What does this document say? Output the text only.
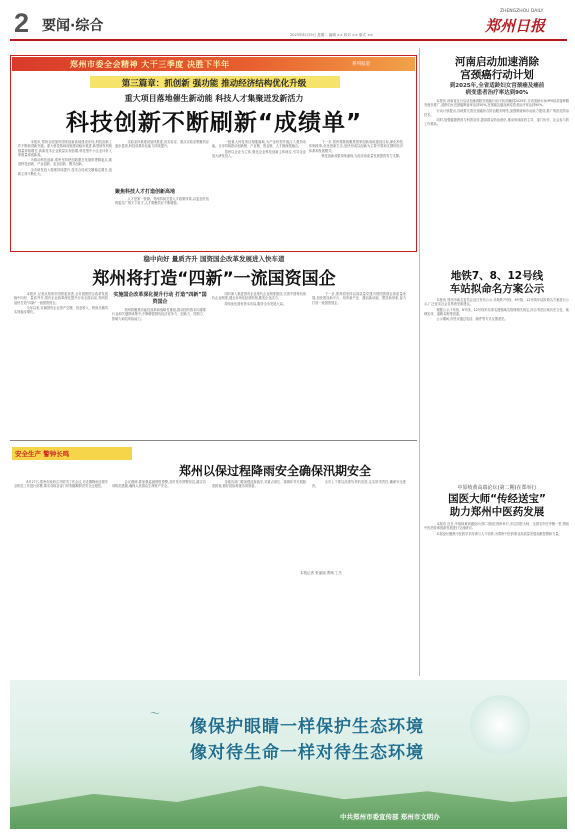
2 要闻·综合
ZHENGZHOU DAILY
郑州日报
2023年8月29日 星期二 编辑 ×× 校对 ×× 版式 ××
郑州市委全会精神 大干三季度 决胜下半年	系列报道
第三篇章：抓创新 强功能 推动经济结构优化升级
重大项目落地催生新动能 科技人才集聚迸发新活力
科技创新不断刷新“成绩单”

　　本报讯 郑州全面加快国家创新高地建设步伐,科技创新工作不断取得新突破。重大科技基础设施建设稳步推进,新型研发机构数量持续增长,高新技术企业数量实现倍增,科技型中小企业评价入库数量再创新高。

　　为推动科技创新,郑州坚持把创新摆在发展的逻辑起点,推进科技创新、产业创新、业态创新、模式创新。

　　全市研发投入强度持续提升,技术合同成交额稳定增长,创新主体不断壮大。

　　实验室体系建设加快推进,省实验室、重点实验室集聚效应逐步显现,科技成果转化能力持续提升。

聚焦科技人才打造创新高地

　　人才是第一资源。郑州持续完善人才政策体系,以更加开放的姿态广纳天下英才,人才集聚效应不断增强。

　　一批重大科技项目相继落地,为产业转型升级注入强劲动能。全市持续推动创新链、产业链、资金链、人才链深度融合。

　　郑州以企业为主体,强化企业科技创新主体地位,引导企业加大研发投入。

　　下一步,郑州将继续聚焦国家创新高地建设目标,深化科技体制改革,优化创新生态,加快形成以创新为主要引领和支撑的经济体系和发展模式。

　　科技创新成果持续涌现,为经济高质量发展提供有力支撑。

河南启动加速消除
宫颈癌行动计划
到2025年,全省适龄妇女宫颈癌及癌前
病变患者治疗率达到90%

　　本报讯 河南省近日启动加速消除宫颈癌行动计划,明确到2025年,全省适龄女孩HPV疫苗接种服务逐步推广,适龄妇女宫颈癌筛查率达到50%,宫颈癌及癌前病变患者治疗率达到90%。

　　行动计划提出,各地要完善宫颈癌综合防治服务网络,加强筛查和诊治能力建设,推广规范化防治技术。

　　同时,加强健康教育与科普宣传,提高群众防治意识,推动形成政府主导、部门协作、社会参与的工作格局。

地铁7、8、12号线
车站拟命名方案公示

　　本报讯 郑州市地名委员会近日发布公示,对地铁7号线、8号线、12号线车站拟命名方案进行公示,广泛征求社会各界意见和建议。

　　根据公示,7号线、8号线、12号线车站命名遵循地名管理相关规定,综合考虑区域历史文化、地理实体、道路名称等因素。

　　公示期间,市民可通过电话、邮件等方式反馈意见。

中原岐黄高端论坛(第二期)在郑举行
国医大师“传经送宝”
助力郑州中医药发展

　　本报讯 近日,中原岐黄高端论坛(第二期)在郑州举行,多位国医大师、全国名中医齐聚一堂,围绕中医药传承创新发展进行交流研讨。

　　本届论坛聚焦中医药学术传承与人才培养,为郑州中医药事业高质量发展贡献智慧和力量。

稳中向好 量质齐升 国资国企改革发展进入快车道
郑州将打造“四新”一流国资国企

　　本报讯 记者从郑州市国资委获悉,全市国资国企改革发展稳中向好、量质齐升,国有企业改革深化提升行动全面启动,郑州将加快打造“四新”一流国资国企。

　　今年以来,市属国有企业资产总额、营业收入、利润总额均实现稳步增长。

实施国企改革深化提升行动 打造“四新”国资国企

　　郑州将聚焦功能性改革和战略性重组,推动国有资本向重要行业和关键领域集中,不断增强国有经济竞争力、创新力、控制力、影响力和抗风险能力。

　　同时深入推进国有企业现代企业制度建设,完善中国特色现代企业制度,健全市场化经营机制,激发企业活力。

　　持续优化国有资本布局,服务全市发展大局。

　　下一步,郑州将坚持以高质量党建引领国资国企高质量发展,加快建设新平台、培育新产业、激活新动能、塑造新形象,奋力打造一流国资国企。

安全生产 警钟长鸣
郑州以保过程降雨安全确保汛期安全

　　8月27日,郑州市政府召开防汛工作会议,对近期降雨过程安全防范工作进行部署,要求各地各部门时刻绷紧防汛安全这根弦。

　　会议强调,要加强监测预报预警,及时发布预警信息,落实各项防范措施,确保人民群众生命财产安全。

　　各级各部门要加强巡查值守,对重点部位、薄弱环节开展隐患排查,做好抢险救援各项准备。

　　全市上下要以高度负责的态度,压实防汛责任,确保安全度汛。

本报记者 张丽丽 贾萌 丁杰
〜
像保护眼睛一样保护生态环境
像对待生命一样对待生态环境
中共郑州市委宣传部 郑州市文明办
